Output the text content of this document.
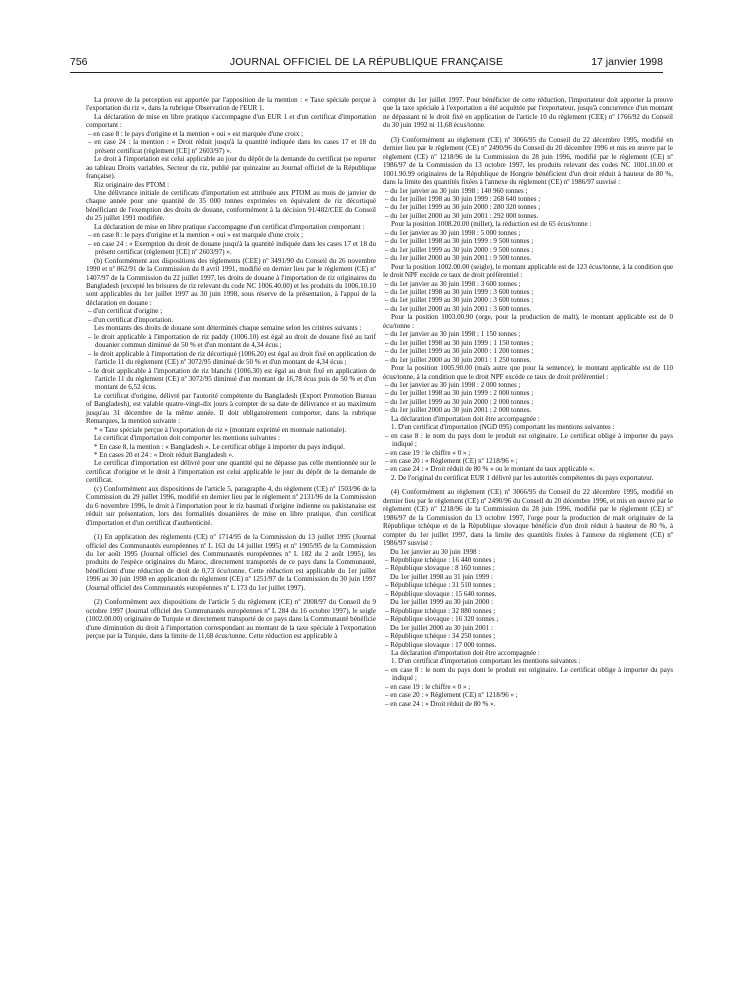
756	JOURNAL OFFICIEL DE LA RÉPUBLIQUE FRANÇAISE	17 janvier 1998

La preuve de la perception est apportée par l'apposition de la mention : « Taxe spéciale perçue à l'exportation du riz », dans la rubrique Observation de l'EUR 1.

La déclaration de mise en libre pratique s'accompagne d'un EUR 1 et d'un certificat d'importation comportant :

– en case 8 : le pays d'origine et la mention « oui » est marquée d'une croix ;

– en case 24 : la mention : « Droit réduit jusqu'à la quantité indiquée dans les cases 17 et 18 du présent certificat (règlement [CE] nº 2603/97) ».

Le droit à l'importation est celui applicable au jour du dépôt de la demande du certificat (se reporter au tableau Droits variables, Secteur du riz, publié par quinzaine au Journal officiel de la République française).

Riz originaire des PTOM :

Une délivrance initiale de certificats d'importation est attribuée aux PTOM au mois de janvier de chaque année pour une quantité de 35 000 tonnes exprimées en équivalent de riz décortiqué bénéficiant de l'exemption des droits de douane, conformément à la décision 91/482/CEE du Conseil du 25 juillet 1991 modifiée.

La déclaration de mise en libre pratique s'accompagne d'un certificat d'importation comportant :

– en case 8 : le pays d'origine et la mention « oui » est marquée d'une croix ;

– en case 24 : « Exemption du droit de douane jusqu'à la quantité indiquée dans les cases 17 et 18 du présent certificat (règlement [CE] nº 2603/97) ».

(b) Conformément aux dispositions des règlements (CEE) nº 3491/90 du Conseil du 26 novembre 1990 et nº 862/91 de la Commission du 8 avril 1991, modifié en dernier lieu par le règlement (CE) nº 1407/97 de la Commission du 22 juillet 1997, les droits de douane à l'importation de riz originaires du Bangladesh (excepté les brisures de riz relevant du code NC 1006.40.00) et les produits du 1006.10.10 sont applicables du 1er juillet 1997 au 30 juin 1998, sous réserve de la présentation, à l'appui de la déclaration en douane :

– d'un certificat d'origine ;

– d'un certificat d'importation.

Les montants des droits de douane sont déterminés chaque semaine selon les critères suivants :

– le droit applicable à l'importation de riz paddy (1006.10) est égal au droit de douane fixé au tarif douanier commun diminué de 50 % et d'un montant de 4,34 écus ;

– le droit applicable à l'importation de riz décortiqué (1006.20) est égal au droit fixé en application de l'article 11 du règlement (CE) nº 3072/95 diminué de 50 % et d'un montant de 4,34 écus ;

– le droit applicable à l'importation de riz blanchi (1006.30) est égal au droit fixé en application de l'article 11 du règlement (CE) nº 3072/95 diminué d'un montant de 16,78 écus puis de 50 % et d'un montant de 6,52 écus.

Le certificat d'origine, délivré par l'autorité compétente du Bangladesh (Export Promotion Bureau of Bangladesh), est valable quatre-vingt-dix jours à compter de sa date de délivrance et au maximum jusqu'au 31 décembre de la même année. Il doit obligatoirement comporter, dans la rubrique Remarques, la mention suivante :

* « Taxe spéciale perçue à l'exportation de riz » (montant exprimé en monnaie nationale).

Le certificat d'importation doit comporter les mentions suivantes :

* En case 8, la mention : « Bangladesh ». Le certificat oblige à importer du pays indiqué.

* En cases 20 et 24 : « Droit réduit Bangladesh ».

Le certificat d'importation est délivré pour une quantité qui ne dépasse pas celle mentionnée sur le certificat d'origine et le droit à l'importation est celui applicable le jour du dépôt de la demande de certificat.

(c) Conformément aux dispositions de l'article 5, paragraphe 4, du règlement (CE) nº 1503/96 de la Commission du 29 juillet 1996, modifié en dernier lieu par le règlement nº 2131/96 de la Commission du 6 novembre 1996, le droit à l'importation pour le riz basmati d'origine indienne ou pakistanaise est réduit sur présentation, lors des formalités douanières de mise en libre pratique, d'un certificat d'importation et d'un certificat d'authenticité.

(1) En application des règlements (CE) nº 1714/95 de la Commission du 13 juillet 1995 (Journal officiel des Communautés européennes nº L 163 du 14 juillet 1995) et nº 1905/95 de la Commission du 1er août 1995 (Journal officiel des Communautés européennes nº L 182 du 2 août 1995), les produits de l'espèce originaires du Maroc, directement transportés de ce pays dans la Communauté, bénéficient d'une réduction de droit de 0,73 écu/tonne. Cette réduction est applicable du 1er juillet 1996 au 30 juin 1998 en application du règlement (CE) nº 1251/97 de la Commission du 30 juin 1997 (Journal officiel des Communautés européennes nº L 173 du 1er juillet 1997).

(2) Conformément aux dispositions de l'article 5 du règlement (CE) nº 2008/97 du Conseil du 9 octobre 1997 (Journal officiel des Communautés européennes nº L 284 du 16 octobre 1997), le seigle (1002.00.00) originaire de Turquie et directement transporté de ce pays dans la Communauté bénéficie d'une diminution du droit à l'importation correspondant au montant de la taxe spéciale à l'exportation perçue par la Turquie, dans la limite de 11,68 écus/tonne. Cette réduction est applicable à

compter du 1er juillet 1997. Pour bénéficier de cette réduction, l'importateur doit apporter la preuve que la taxe spéciale à l'exportation a été acquittée par l'exportateur, jusqu'à concurrence d'un montant ne dépassant ni le droit fixé en application de l'article 10 du règlement (CEE) nº 1766/92 du Conseil du 30 juin 1992 ni 11,68 écus/tonne.

(3) Conformément au règlement (CE) nº 3066/95 du Conseil du 22 décembre 1995, modifié en dernier lieu par le règlement (CE) nº 2490/96 du Conseil du 20 décembre 1996 et mis en œuvre par le règlement (CE) nº 1218/96 de la Commission du 28 juin 1996, modifié par le règlement (CE) nº 1986/97 de la Commission du 13 octobre 1997, les produits relevant des codes NC 1001.10.00 et 1001.90.99 originaires de la République de Hongrie bénéficient d'un droit réduit à hauteur de 80 %, dans la limite des quantités fixées à l'annexe du règlement (CE) nº 1986/97 susvisé :

– du 1er janvier au 30 juin 1998 : 140 960 tonnes ;

– du 1er juillet 1998 au 30 juin 1999 : 268 640 tonnes ;

– du 1er juillet 1999 au 30 juin 2000 : 280 320 tonnes ;

– du 1er juillet 2000 au 30 juin 2001 : 292 000 tonnes.

Pour la position 1008.20.00 (millet), la réduction est de 65 écus/tonne :

– du 1er janvier au 30 juin 1998 : 5 000 tonnes ;

– du 1er juillet 1998 au 30 juin 1999 : 9 500 tonnes ;

– du 1er juillet 1999 au 30 juin 2000 : 9 500 tonnes ;

– du 1er juillet 2000 au 30 juin 2001 : 9 500 tonnes.

Pour la position 1002.00.00 (seigle), le montant applicable est de 123 écus/tonne, à la condition que le droit NPF excède ce taux de droit préférentiel :

– du 1er janvier au 30 juin 1998 : 3 600 tonnes ;

– du 1er juillet 1998 au 30 juin 1999 : 3 600 tonnes ;

– du 1er juillet 1999 au 30 juin 2000 : 3 600 tonnes ;

– du 1er juillet 2000 au 30 juin 2001 : 3 600 tonnes.

Pour la position 1003.00.90 (orge, pour la production de malt), le montant applicable est de 0 écu/tonne :

– du 1er janvier au 30 juin 1998 : 1 150 tonnes ;

– du 1er juillet 1998 au 30 juin 1999 : 1 150 tonnes ;

– du 1er juillet 1999 au 30 juin 2000 : 1 200 tonnes ;

– du 1er juillet 2000 au 30 juin 2001 : 1 250 tonnes.

Pour la position 1005.90.00 (maïs autre que pour la semence), le montant applicable est de 110 écus/tonne, à la condition que le droit NPF excède ce taux de droit préférentiel :

– du 1er janvier au 30 juin 1998 : 2 000 tonnes ;

– du 1er juillet 1998 au 30 juin 1999 : 2 000 tonnes ;

– du 1er juillet 1999 au 30 juin 2000 : 2 000 tonnes ;

– du 1er juillet 2000 au 30 juin 2001 : 2 000 tonnes.

La déclaration d'importation doit être accompagnée :

1. D'un certificat d'importation (NGD 095) comportant les mentions suivantes :

– en case 8 : le nom du pays dont le produit est originaire. Le certificat oblige à importer du pays indiqué ;

– en case 19 : le chiffre « 0 » ;

– en case 20 : « Règlement (CE) nº 1218/96 » ;

– en case 24 : « Droit réduit de 80 % » ou le montant du taux applicable ».

2. De l'original du certificat EUR 1 délivré par les autorités compétentes du pays exportateur.

(4) Conformément au règlement (CE) nº 3066/95 du Conseil du 22 décembre 1995, modifié en dernier lieu par le règlement (CE) nº 2490/96 du Conseil du 20 décembre 1996, et mis en œuvre par le règlement (CE) nº 1218/96 de la Commission du 28 juin 1996, modifié par le règlement (CE) nº 1986/97 de la Commission du 13 octobre 1997, l'orge pour la production de malt originaire de la République tchèque et de la République slovaque bénéficie d'un droit réduit à hauteur de 80 %, à compter du 1er juillet 1997, dans la limite des quantités fixées à l'annexe du règlement (CE) nº 1986/97 susvisé :

Du 1er janvier au 30 juin 1998 :

– République tchèque : 16 440 tonnes ;

– République slovaque : 8 160 tonnes ;

Du 1er juillet 1998 au 31 juin 1999 :

– République tchèque : 31 510 tonnes ;

– République slovaque : 15 640 tonnes.

Du 1er juillet 1999 au 30 juin 2000 :

– République tchèque : 32 880 tonnes ;

– République slovaque : 16 320 tonnes ;

Du 1er juillet 2000 au 30 juin 2001 :

– République tchèque : 34 250 tonnes ;

– République slovaque : 17 000 tonnes.

La déclaration d'importation doit être accompagnée :

1. D'un certificat d'importation comportant les mentions suivantes :

– en case 8 : le nom du pays dont le produit est originaire. Le certificat oblige à importer du pays indiqué ;

– en case 19 : le chiffre « 0 » ;

– en case 20 : « Règlement (CE) nº 1218/96 » ;

– en case 24 : « Droit réduit de 80 % ».
